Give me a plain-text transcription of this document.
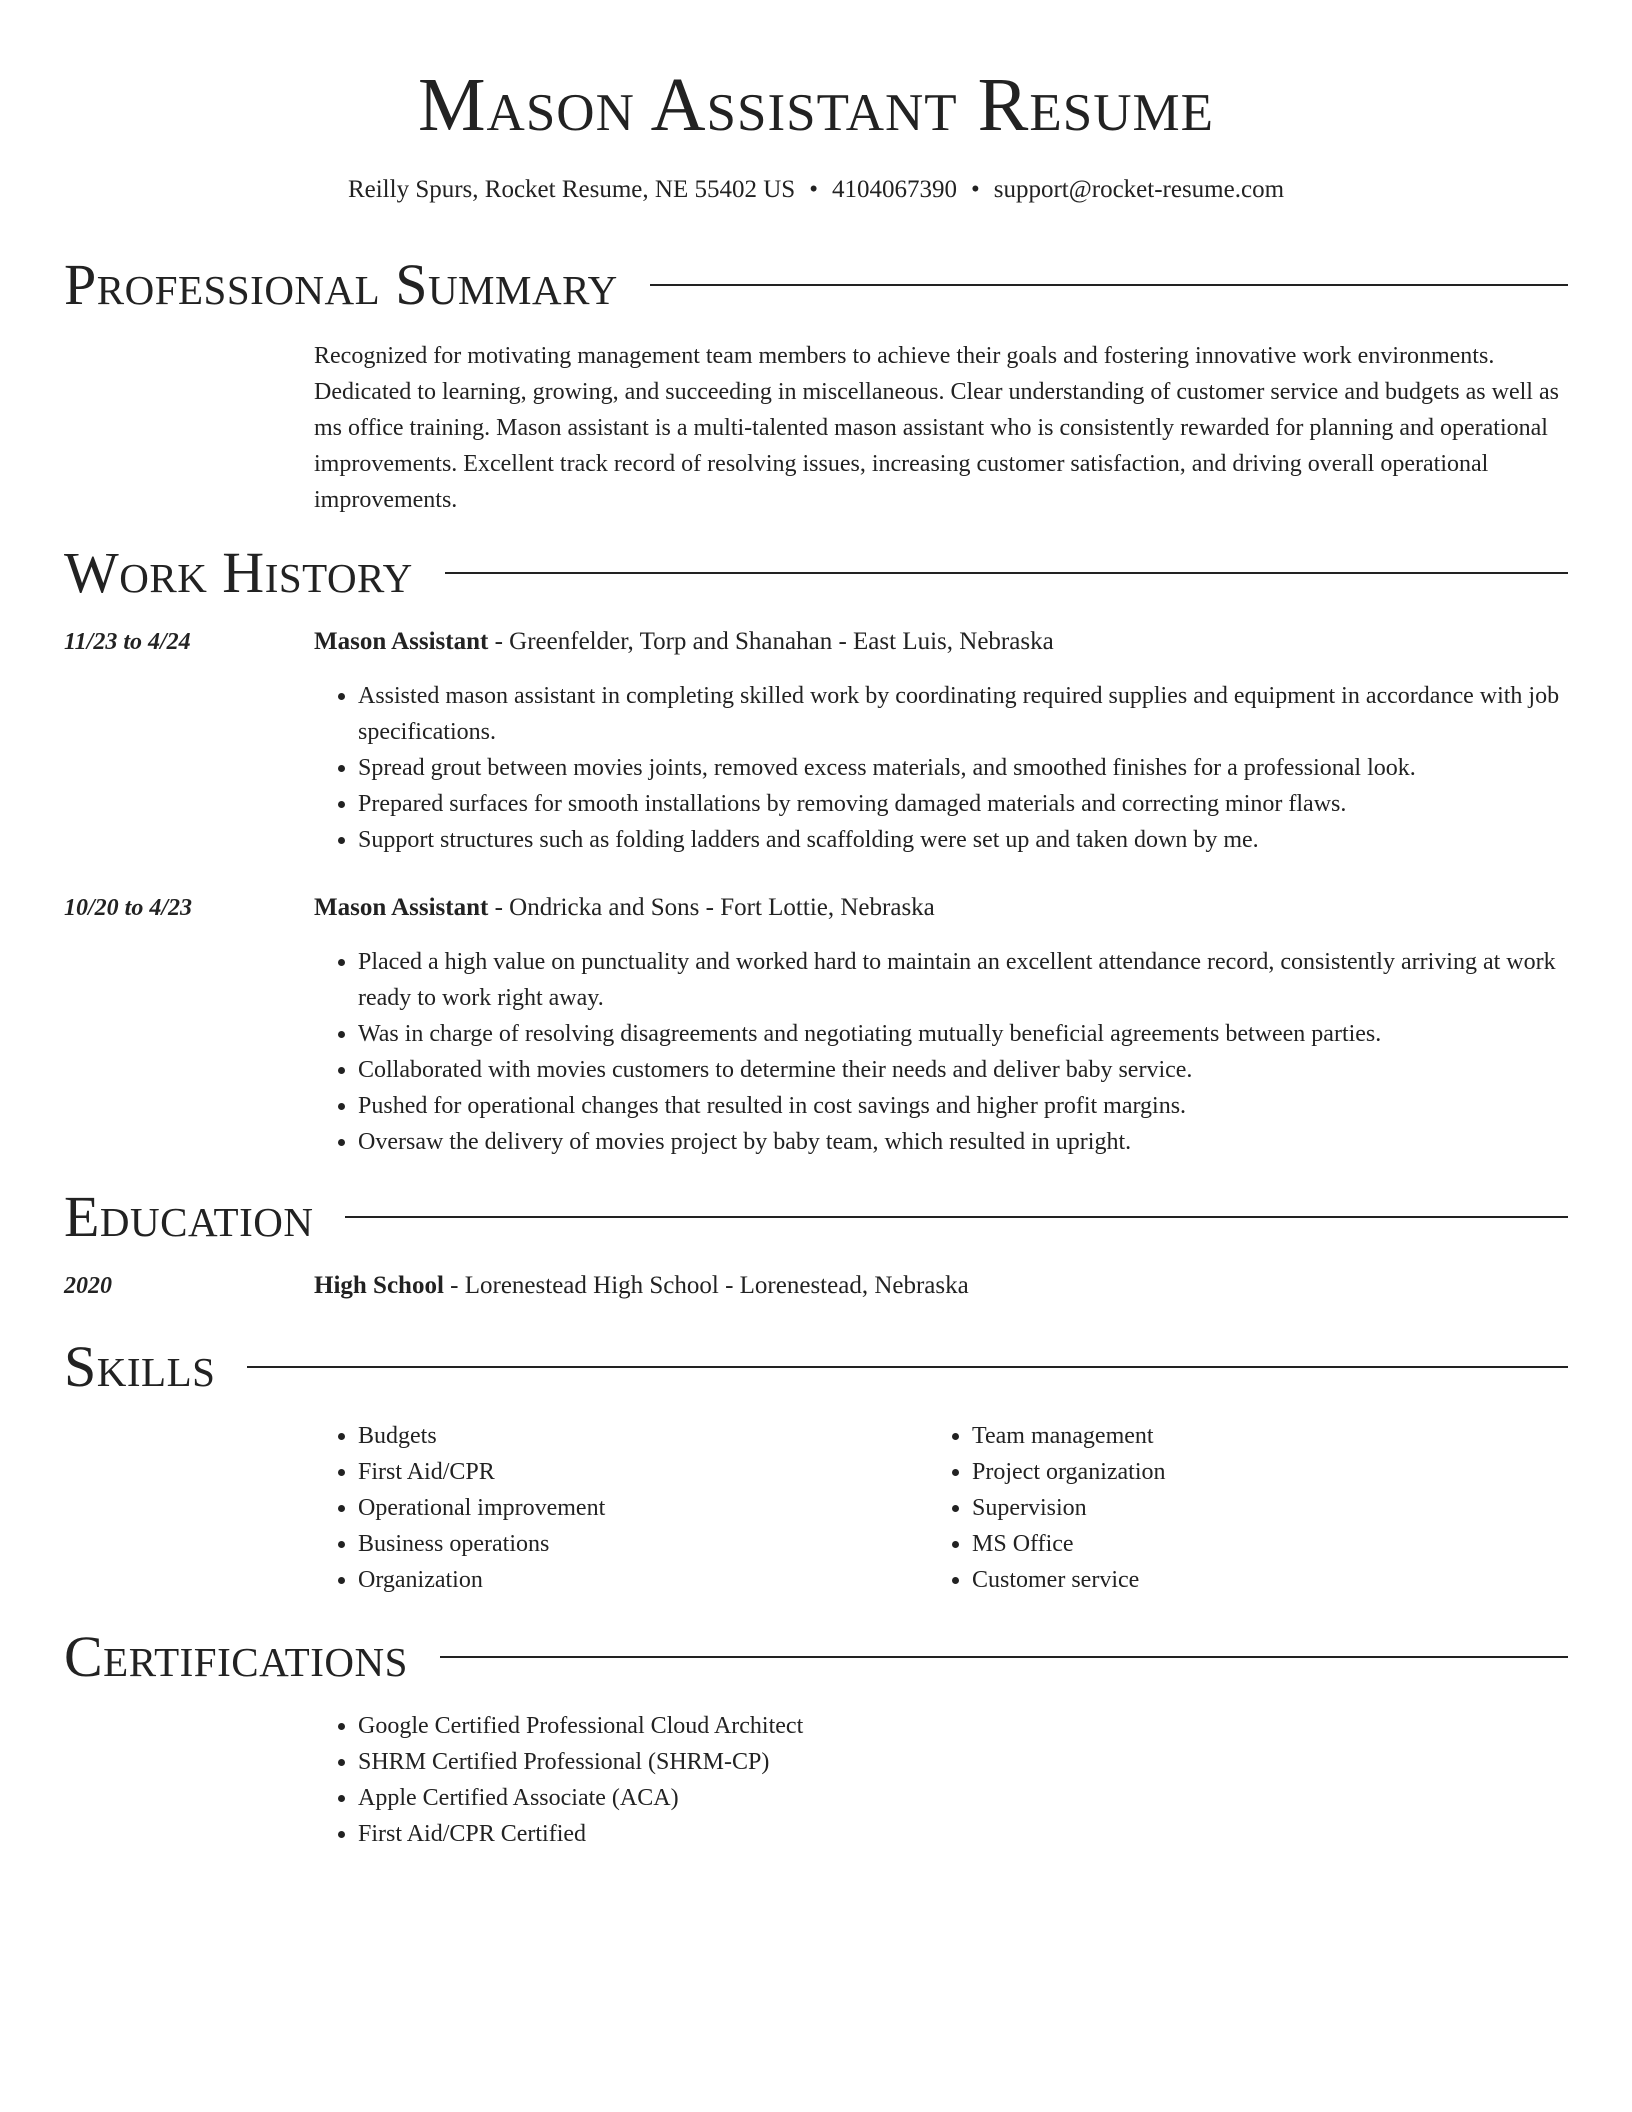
Mason Assistant Resume
Reilly Spurs, Rocket Resume, NE 55402 US • 4104067390 • support@rocket-resume.com
Professional Summary

Recognized for motivating management team members to achieve their goals and fostering innovative work environments. Dedicated to learning, growing, and succeeding in miscellaneous. Clear understanding of customer service and budgets as well as ms office training. Mason assistant is a multi-talented mason assistant who is consistently rewarded for planning and operational improvements. Excellent track record of resolving issues, increasing customer satisfaction, and driving overall operational improvements.

Work History
11/23 to 4/24	Mason Assistant - Greenfelder, Torp and Shanahan - East Luis, Nebraska
• Assisted mason assistant in completing skilled work by coordinating required supplies and equipment in accordance with job specifications.
• Spread grout between movies joints, removed excess materials, and smoothed finishes for a professional look.
• Prepared surfaces for smooth installations by removing damaged materials and correcting minor flaws.
• Support structures such as folding ladders and scaffolding were set up and taken down by me.
10/20 to 4/23	Mason Assistant - Ondricka and Sons - Fort Lottie, Nebraska
• Placed a high value on punctuality and worked hard to maintain an excellent attendance record, consistently arriving at work ready to work right away.
• Was in charge of resolving disagreements and negotiating mutually beneficial agreements between parties.
• Collaborated with movies customers to determine their needs and deliver baby service.
• Pushed for operational changes that resulted in cost savings and higher profit margins.
• Oversaw the delivery of movies project by baby team, which resulted in upright.
Education
2020	High School - Lorenestead High School - Lorenestead, Nebraska
Skills
• Budgets
• First Aid/CPR
• Operational improvement
• Business operations
• Organization
• Team management
• Project organization
• Supervision
• MS Office
• Customer service
Certifications
• Google Certified Professional Cloud Architect
• SHRM Certified Professional (SHRM-CP)
• Apple Certified Associate (ACA)
• First Aid/CPR Certified
